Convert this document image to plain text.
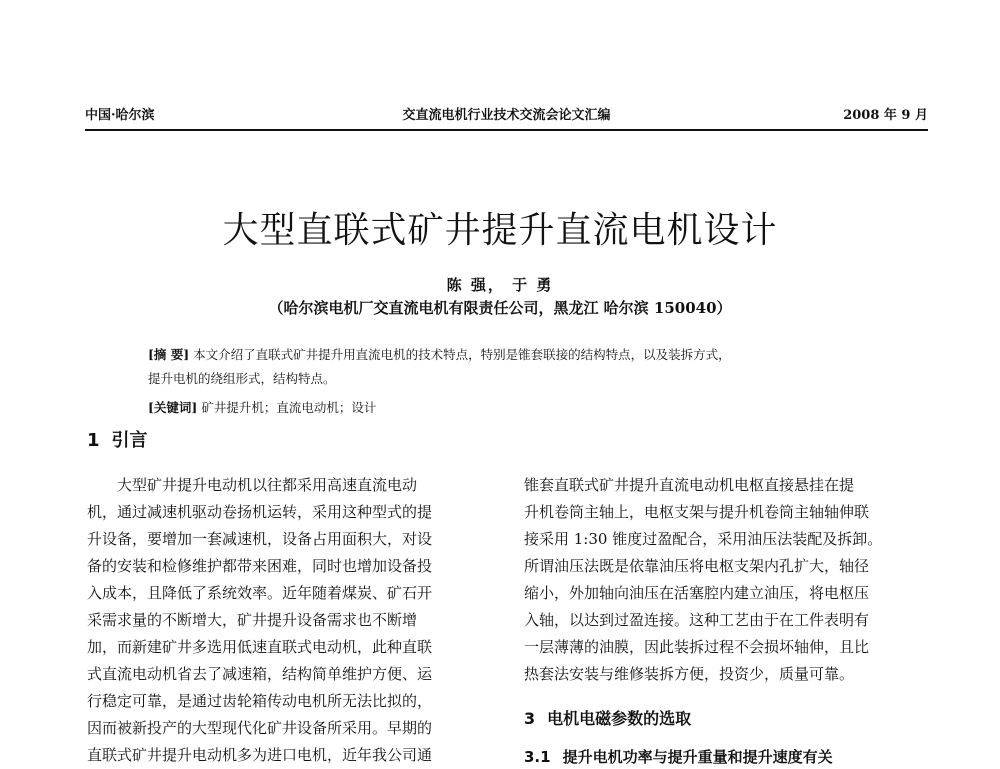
中国·哈尔滨	交直流电机行业技术交流会论文汇编	2008 年 9 月
大型直联式矿井提升直流电机设计
陈 强， 于 勇
（哈尔滨电机厂交直流电机有限责任公司，黑龙江 哈尔滨 150040）
[摘 要] 本文介绍了直联式矿井提升用直流电机的技术特点，特别是锥套联接的结构特点，以及装拆方式，
提升电机的绕组形式，结构特点。
[关键词] 矿井提升机；直流电动机；设计
1 引言
大型矿井提升电动机以往都采用高速直流电动
机，通过减速机驱动卷扬机运转，采用这种型式的提
升设备，要增加一套减速机，设备占用面积大，对设
备的安装和检修维护都带来困难，同时也增加设备投
入成本，且降低了系统效率。近年随着煤炭、矿石开
采需求量的不断增大，矿井提升设备需求也不断增
加，而新建矿井多选用低速直联式电动机，此种直联
式直流电动机省去了减速箱，结构简单维护方便、运
行稳定可靠，是通过齿轮箱传动电机所无法比拟的，
因而被新投产的大型现代化矿井设备所采用。早期的
直联式矿井提升电动机多为进口电机，近年我公司通
锥套直联式矿井提升直流电动机电枢直接悬挂在提
升机卷筒主轴上，电枢支架与提升机卷筒主轴轴伸联
接采用 1:30 锥度过盈配合，采用油压法装配及拆卸。
所谓油压法既是依靠油压将电枢支架内孔扩大，轴径
缩小，外加轴向油压在活塞腔内建立油压，将电枢压
入轴，以达到过盈连接。这种工艺由于在工件表明有
一层薄薄的油膜，因此装拆过程不会损坏轴伸，且比
热套法安装与维修装拆方便，投资少，质量可靠。
3 电机电磁参数的选取
3.1 提升电机功率与提升重量和提升速度有关
